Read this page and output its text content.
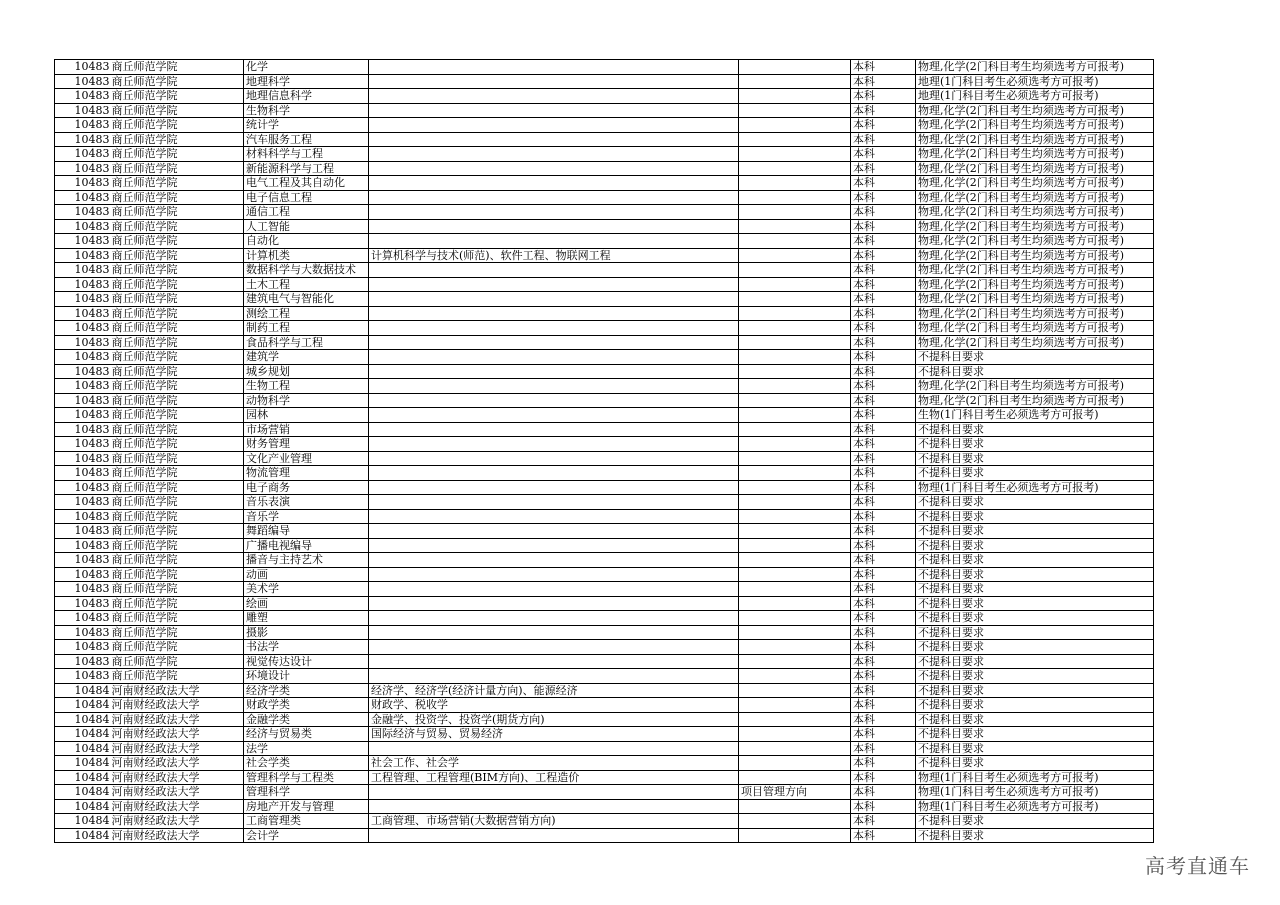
10483	商丘师范学院	化学			本科	物理,化学(2门科目考生均须选考方可报考)
10483	商丘师范学院	地理科学			本科	地理(1门科目考生必须选考方可报考)
10483	商丘师范学院	地理信息科学			本科	地理(1门科目考生必须选考方可报考)
10483	商丘师范学院	生物科学			本科	物理,化学(2门科目考生均须选考方可报考)
10483	商丘师范学院	统计学			本科	物理,化学(2门科目考生均须选考方可报考)
10483	商丘师范学院	汽车服务工程			本科	物理,化学(2门科目考生均须选考方可报考)
10483	商丘师范学院	材料科学与工程			本科	物理,化学(2门科目考生均须选考方可报考)
10483	商丘师范学院	新能源科学与工程			本科	物理,化学(2门科目考生均须选考方可报考)
10483	商丘师范学院	电气工程及其自动化			本科	物理,化学(2门科目考生均须选考方可报考)
10483	商丘师范学院	电子信息工程			本科	物理,化学(2门科目考生均须选考方可报考)
10483	商丘师范学院	通信工程			本科	物理,化学(2门科目考生均须选考方可报考)
10483	商丘师范学院	人工智能			本科	物理,化学(2门科目考生均须选考方可报考)
10483	商丘师范学院	自动化			本科	物理,化学(2门科目考生均须选考方可报考)
10483	商丘师范学院	计算机类	计算机科学与技术(师范)、软件工程、物联网工程		本科	物理,化学(2门科目考生均须选考方可报考)
10483	商丘师范学院	数据科学与大数据技术			本科	物理,化学(2门科目考生均须选考方可报考)
10483	商丘师范学院	土木工程			本科	物理,化学(2门科目考生均须选考方可报考)
10483	商丘师范学院	建筑电气与智能化			本科	物理,化学(2门科目考生均须选考方可报考)
10483	商丘师范学院	测绘工程			本科	物理,化学(2门科目考生均须选考方可报考)
10483	商丘师范学院	制药工程			本科	物理,化学(2门科目考生均须选考方可报考)
10483	商丘师范学院	食品科学与工程			本科	物理,化学(2门科目考生均须选考方可报考)
10483	商丘师范学院	建筑学			本科	不提科目要求
10483	商丘师范学院	城乡规划			本科	不提科目要求
10483	商丘师范学院	生物工程			本科	物理,化学(2门科目考生均须选考方可报考)
10483	商丘师范学院	动物科学			本科	物理,化学(2门科目考生均须选考方可报考)
10483	商丘师范学院	园林			本科	生物(1门科目考生必须选考方可报考)
10483	商丘师范学院	市场营销			本科	不提科目要求
10483	商丘师范学院	财务管理			本科	不提科目要求
10483	商丘师范学院	文化产业管理			本科	不提科目要求
10483	商丘师范学院	物流管理			本科	不提科目要求
10483	商丘师范学院	电子商务			本科	物理(1门科目考生必须选考方可报考)
10483	商丘师范学院	音乐表演			本科	不提科目要求
10483	商丘师范学院	音乐学			本科	不提科目要求
10483	商丘师范学院	舞蹈编导			本科	不提科目要求
10483	商丘师范学院	广播电视编导			本科	不提科目要求
10483	商丘师范学院	播音与主持艺术			本科	不提科目要求
10483	商丘师范学院	动画			本科	不提科目要求
10483	商丘师范学院	美术学			本科	不提科目要求
10483	商丘师范学院	绘画			本科	不提科目要求
10483	商丘师范学院	雕塑			本科	不提科目要求
10483	商丘师范学院	摄影			本科	不提科目要求
10483	商丘师范学院	书法学			本科	不提科目要求
10483	商丘师范学院	视觉传达设计			本科	不提科目要求
10483	商丘师范学院	环境设计			本科	不提科目要求
10484	河南财经政法大学	经济学类	经济学、经济学(经济计量方向)、能源经济		本科	不提科目要求
10484	河南财经政法大学	财政学类	财政学、税收学		本科	不提科目要求
10484	河南财经政法大学	金融学类	金融学、投资学、投资学(期货方向)		本科	不提科目要求
10484	河南财经政法大学	经济与贸易类	国际经济与贸易、贸易经济		本科	不提科目要求
10484	河南财经政法大学	法学			本科	不提科目要求
10484	河南财经政法大学	社会学类	社会工作、社会学		本科	不提科目要求
10484	河南财经政法大学	管理科学与工程类	工程管理、工程管理(BIM方向)、工程造价		本科	物理(1门科目考生必须选考方可报考)
10484	河南财经政法大学	管理科学		项目管理方向	本科	物理(1门科目考生必须选考方可报考)
10484	河南财经政法大学	房地产开发与管理			本科	物理(1门科目考生必须选考方可报考)
10484	河南财经政法大学	工商管理类	工商管理、市场营销(大数据营销方向)		本科	不提科目要求
10484	河南财经政法大学	会计学			本科	不提科目要求
高考直通车
